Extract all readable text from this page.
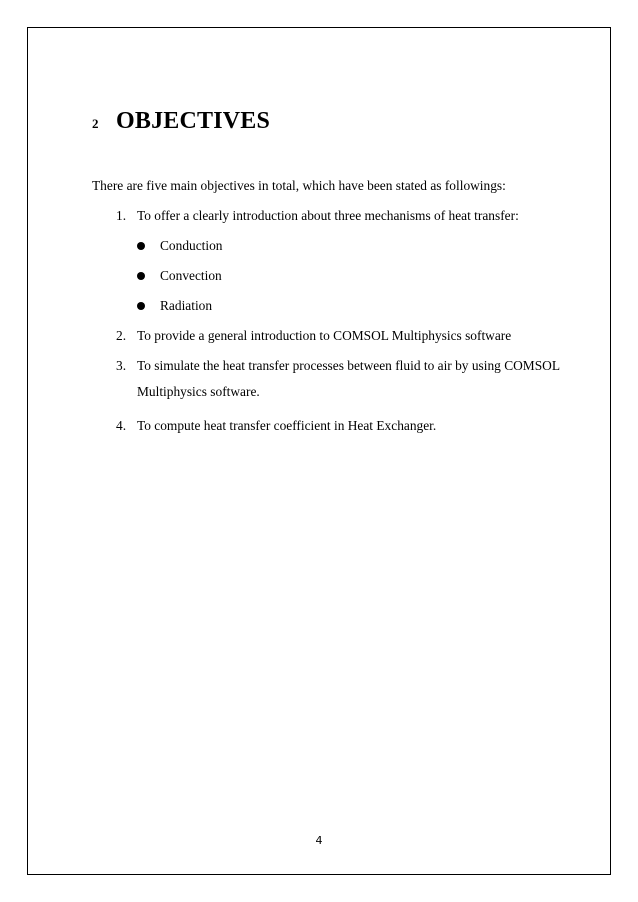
2 OBJECTIVES
There are five main objectives in total, which have been stated as followings:
1. To offer a clearly introduction about three mechanisms of heat transfer:
Conduction
Convection
Radiation
2. To provide a general introduction to COMSOL Multiphysics software
3. To simulate the heat transfer processes between fluid to air by using COMSOL
Multiphysics software.
4. To compute heat transfer coefficient in Heat Exchanger.
4
